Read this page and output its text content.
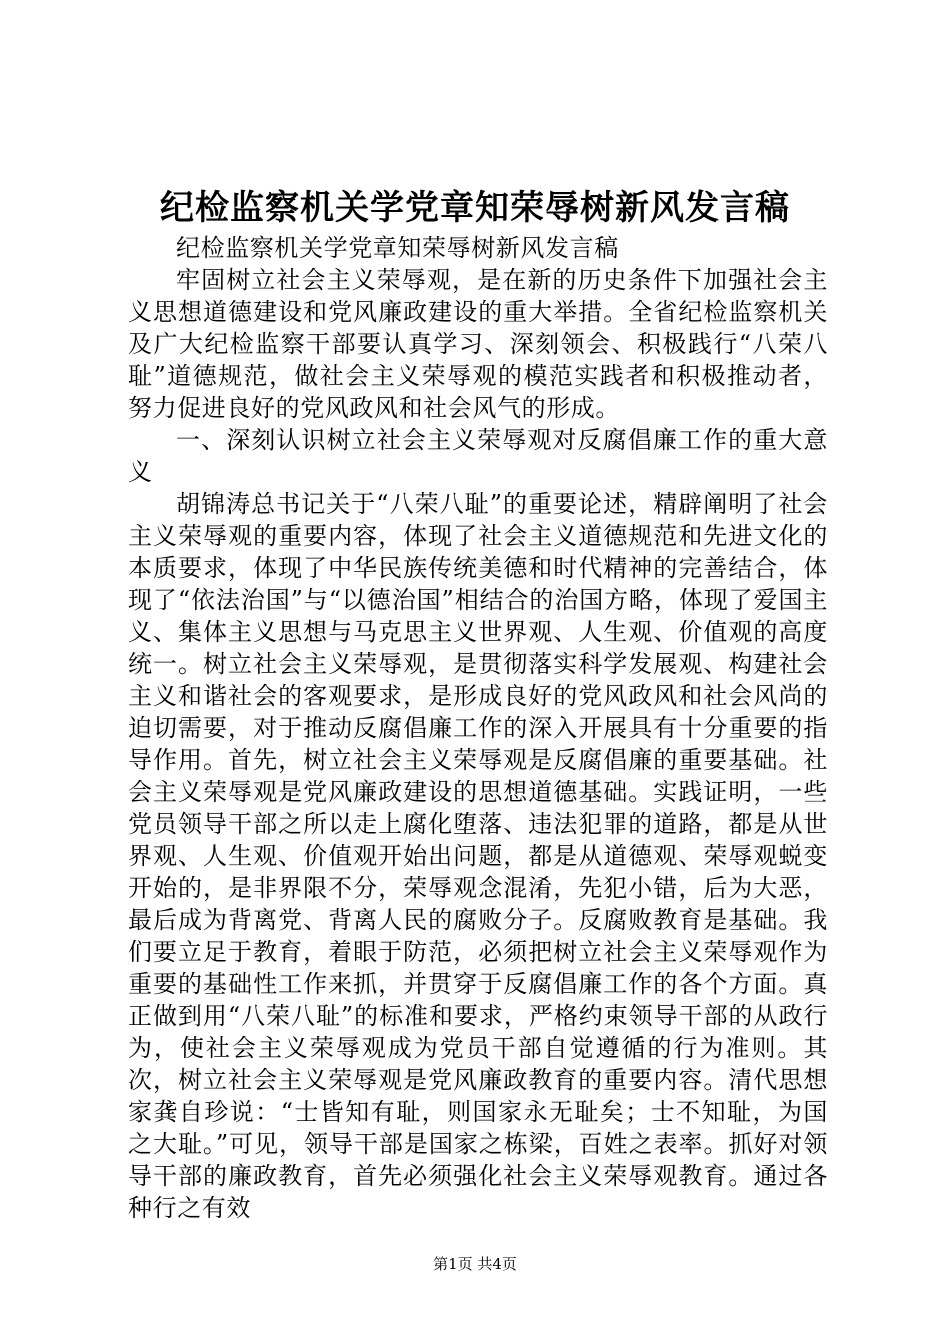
纪检监察机关学党章知荣辱树新风发言稿

纪检监察机关学党章知荣辱树新风发言稿

牢固树立社会主义荣辱观，是在新的历史条件下加强社会主义思想道德建设和党风廉政建设的重大举措。全省纪检监察机关及广大纪检监察干部要认真学习、深刻领会、积极践行“八荣八耻”道德规范，做社会主义荣辱观的模范实践者和积极推动者，努力促进良好的党风政风和社会风气的形成。

一、深刻认识树立社会主义荣辱观对反腐倡廉工作的重大意义

胡锦涛总书记关于“八荣八耻”的重要论述，精辟阐明了社会主义荣辱观的重要内容，体现了社会主义道德规范和先进文化的本质要求，体现了中华民族传统美德和时代精神的完善结合，体现了“依法治国”与“以德治国”相结合的治国方略，体现了爱国主义、集体主义思想与马克思主义世界观、人生观、价值观的高度统一。树立社会主义荣辱观，是贯彻落实科学发展观、构建社会主义和谐社会的客观要求，是形成良好的党风政风和社会风尚的迫切需要，对于推动反腐倡廉工作的深入开展具有十分重要的指导作用。首先，树立社会主义荣辱观是反腐倡廉的重要基础。社会主义荣辱观是党风廉政建设的思想道德基础。实践证明，一些党员领导干部之所以走上腐化堕落、违法犯罪的道路，都是从世界观、人生观、价值观开始出问题，都是从道德观、荣辱观蜕变开始的，是非界限不分，荣辱观念混淆，先犯小错，后为大恶，最后成为背离党、背离人民的腐败分子。反腐败教育是基础。我们要立足于教育，着眼于防范，必须把树立社会主义荣辱观作为重要的基础性工作来抓，并贯穿于反腐倡廉工作的各个方面。真正做到用“八荣八耻”的标准和要求，严格约束领导干部的从政行为，使社会主义荣辱观成为党员干部自觉遵循的行为准则。其次，树立社会主义荣辱观是党风廉政教育的重要内容。清代思想家龚自珍说：“士皆知有耻，则国家永无耻矣；士不知耻，为国之大耻。”可见，领导干部是国家之栋梁，百姓之表率。抓好对领导干部的廉政教育，首先必须强化社会主义荣辱观教育。通过各种行之有效

第1页 共4页
